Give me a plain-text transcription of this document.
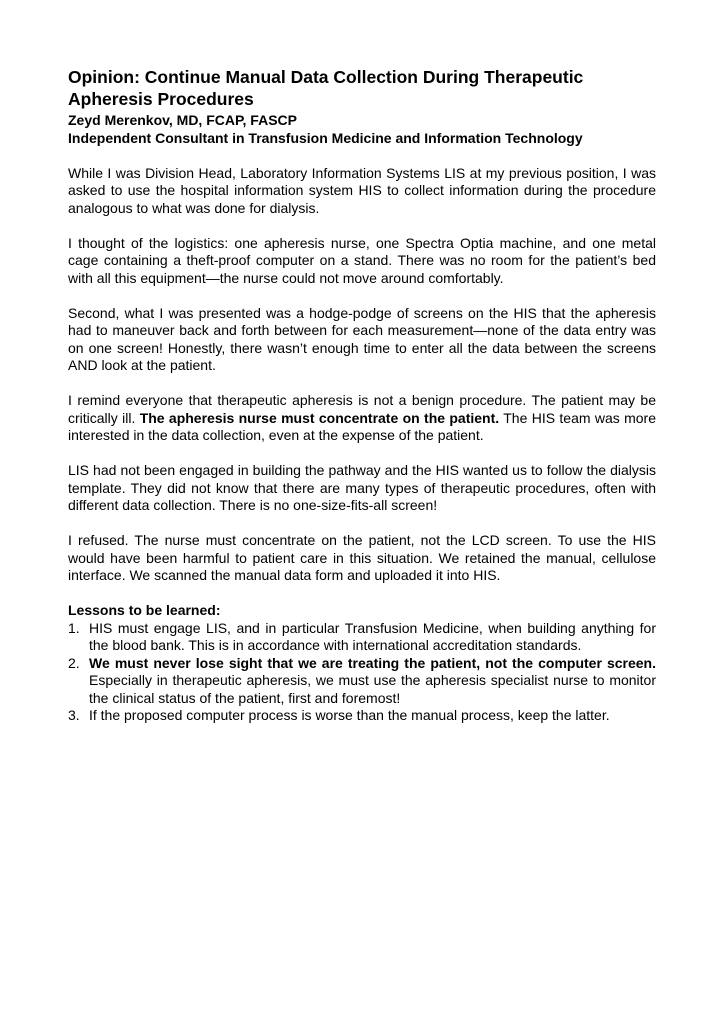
Opinion: Continue Manual Data Collection During Therapeutic Apheresis Procedures
Zeyd Merenkov, MD, FCAP, FASCP
Independent Consultant in Transfusion Medicine and Information Technology

While I was Division Head, Laboratory Information Systems LIS at my previous position, I was asked to use the hospital information system HIS to collect information during the procedure analogous to what was done for dialysis.

I thought of the logistics: one apheresis nurse, one Spectra Optia machine, and one metal cage containing a theft-proof computer on a stand. There was no room for the patient’s bed with all this equipment—the nurse could not move around comfortably.

Second, what I was presented was a hodge-podge of screens on the HIS that the apheresis had to maneuver back and forth between for each measurement—none of the data entry was on one screen! Honestly, there wasn’t enough time to enter all the data between the screens AND look at the patient.

I remind everyone that therapeutic apheresis is not a benign procedure. The patient may be critically ill. The apheresis nurse must concentrate on the patient. The HIS team was more interested in the data collection, even at the expense of the patient.

LIS had not been engaged in building the pathway and the HIS wanted us to follow the dialysis template. They did not know that there are many types of therapeutic procedures, often with different data collection. There is no one-size-fits-all screen!

I refused. The nurse must concentrate on the patient, not the LCD screen. To use the HIS would have been harmful to patient care in this situation. We retained the manual, cellulose interface. We scanned the manual data form and uploaded it into HIS.

Lessons to be learned:

1. HIS must engage LIS, and in particular Transfusion Medicine, when building anything for the blood bank. This is in accordance with international accreditation standards.
2. We must never lose sight that we are treating the patient, not the computer screen. Especially in therapeutic apheresis, we must use the apheresis specialist nurse to monitor the clinical status of the patient, first and foremost!
3. If the proposed computer process is worse than the manual process, keep the latter.
